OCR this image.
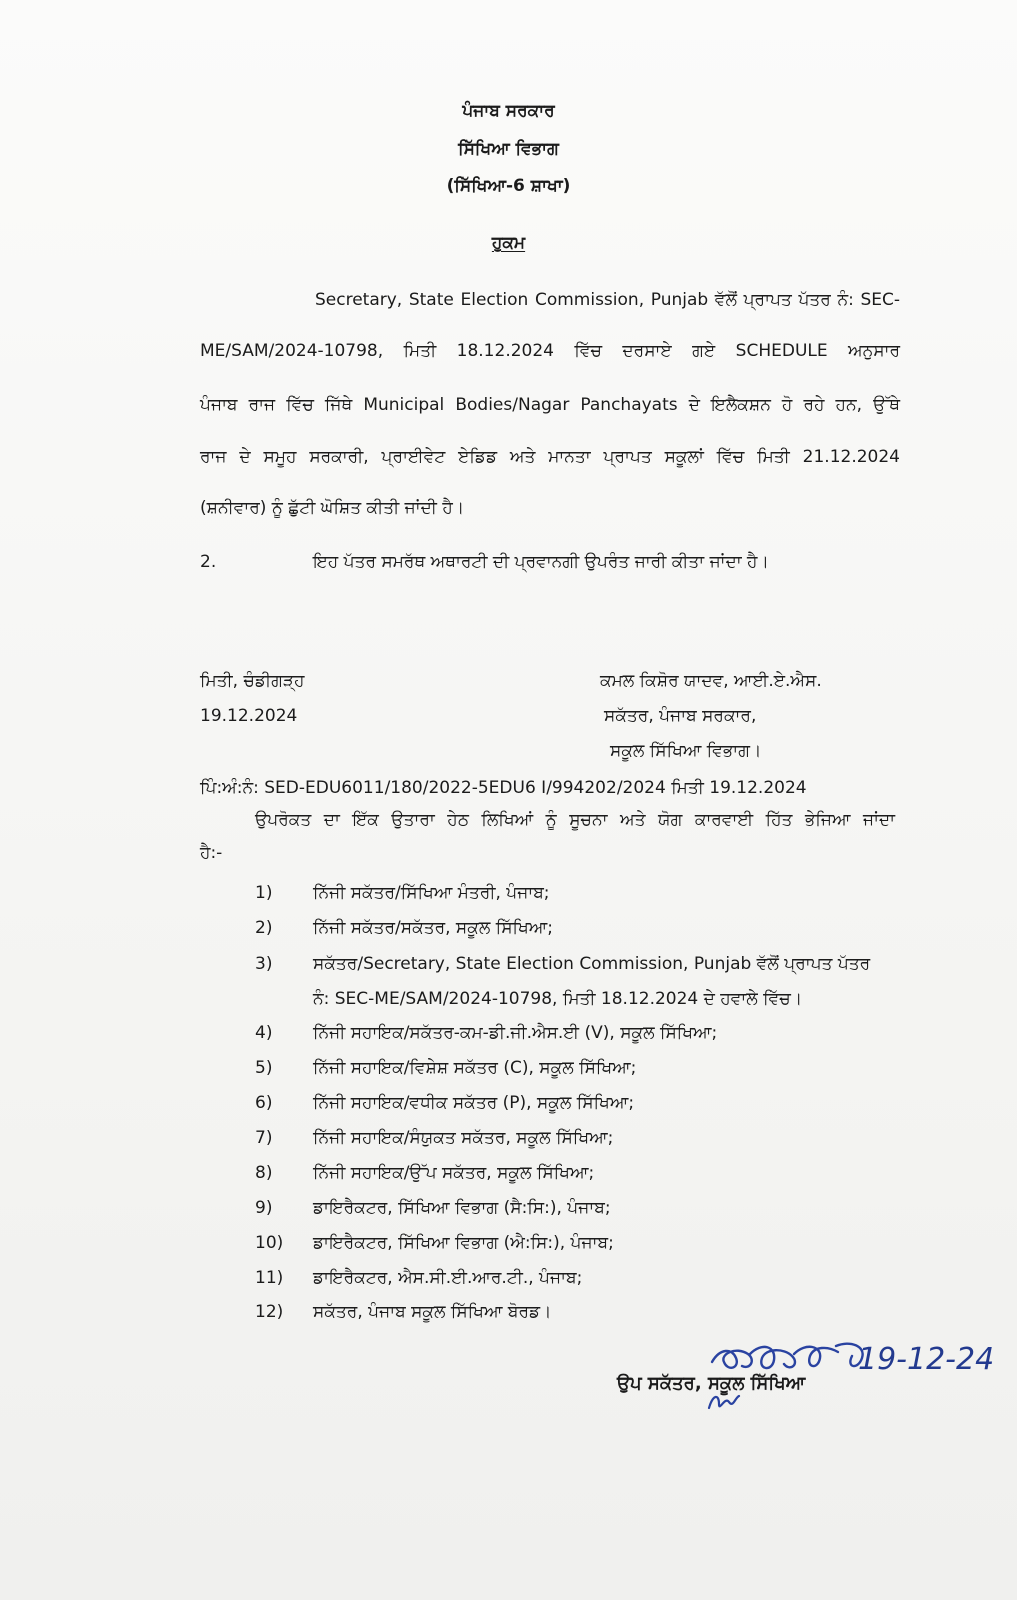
ਪੰਜਾਬ ਸਰਕਾਰ
ਸਿੱਖਿਆ ਵਿਭਾਗ
(ਸਿੱਖਿਆ-6 ਸ਼ਾਖਾ)
ਹੁਕਮ
Secretary, State Election Commission, Punjab ਵੱਲੋਂ ਪ੍ਰਾਪਤ ਪੱਤਰ ਨੰ: SEC-
ME/SAM/2024-10798, ਮਿਤੀ 18.12.2024 ਵਿੱਚ ਦਰਸਾਏ ਗਏ SCHEDULE ਅਨੁਸਾਰ
ਪੰਜਾਬ ਰਾਜ ਵਿੱਚ ਜਿੱਥੇ Municipal Bodies/Nagar Panchayats ਦੇ ਇਲੈਕਸ਼ਨ ਹੋ ਰਹੇ ਹਨ, ਉੱਥੇ
ਰਾਜ ਦੇ ਸਮੂਹ ਸਰਕਾਰੀ, ਪ੍ਰਾਈਵੇਟ ਏਡਿਡ ਅਤੇ ਮਾਨਤਾ ਪ੍ਰਾਪਤ ਸਕੂਲਾਂ ਵਿੱਚ ਮਿਤੀ 21.12.2024
(ਸ਼ਨੀਵਾਰ) ਨੂੰ ਛੁੱਟੀ ਘੋਸ਼ਿਤ ਕੀਤੀ ਜਾਂਦੀ ਹੈ।
2.	ਇਹ ਪੱਤਰ ਸਮਰੱਥ ਅਥਾਰਟੀ ਦੀ ਪ੍ਰਵਾਨਗੀ ਉਪਰੰਤ ਜਾਰੀ ਕੀਤਾ ਜਾਂਦਾ ਹੈ।
ਮਿਤੀ, ਚੰਡੀਗੜ੍ਹ
19.12.2024
ਕਮਲ ਕਿਸ਼ੋਰ ਯਾਦਵ, ਆਈ.ਏ.ਐਸ.
ਸਕੱਤਰ, ਪੰਜਾਬ ਸਰਕਾਰ,
ਸਕੂਲ ਸਿੱਖਿਆ ਵਿਭਾਗ।
ਪਿੰ:ਅੰ:ਨੰ: SED-EDU6011/180/2022-5EDU6 I/994202/2024 ਮਿਤੀ 19.12.2024
ਉਪਰੋਕਤ ਦਾ ਇੱਕ ਉਤਾਰਾ ਹੇਠ ਲਿਖਿਆਂ ਨੂੰ ਸੂਚਨਾ ਅਤੇ ਯੋਗ ਕਾਰਵਾਈ ਹਿੱਤ ਭੇਜਿਆ ਜਾਂਦਾ
ਹੈ:-
1)	ਨਿੱਜੀ ਸਕੱਤਰ/ਸਿੱਖਿਆ ਮੰਤਰੀ, ਪੰਜਾਬ;
2)	ਨਿੱਜੀ ਸਕੱਤਰ/ਸਕੱਤਰ, ਸਕੂਲ ਸਿੱਖਿਆ;
3)	ਸਕੱਤਰ/Secretary, State Election Commission, Punjab ਵੱਲੋਂ ਪ੍ਰਾਪਤ ਪੱਤਰ
ਨੰ: SEC-ME/SAM/2024-10798, ਮਿਤੀ 18.12.2024 ਦੇ ਹਵਾਲੇ ਵਿੱਚ।
4)	ਨਿੱਜੀ ਸਹਾਇਕ/ਸਕੱਤਰ-ਕਮ-ਡੀ.ਜੀ.ਐਸ.ਈ (V), ਸਕੂਲ ਸਿੱਖਿਆ;
5)	ਨਿੱਜੀ ਸਹਾਇਕ/ਵਿਸ਼ੇਸ਼ ਸਕੱਤਰ (C), ਸਕੂਲ ਸਿੱਖਿਆ;
6)	ਨਿੱਜੀ ਸਹਾਇਕ/ਵਧੀਕ ਸਕੱਤਰ (P), ਸਕੂਲ ਸਿੱਖਿਆ;
7)	ਨਿੱਜੀ ਸਹਾਇਕ/ਸੰਯੁਕਤ ਸਕੱਤਰ, ਸਕੂਲ ਸਿੱਖਿਆ;
8)	ਨਿੱਜੀ ਸਹਾਇਕ/ਉੱਪ ਸਕੱਤਰ, ਸਕੂਲ ਸਿੱਖਿਆ;
9)	ਡਾਇਰੈਕਟਰ, ਸਿੱਖਿਆ ਵਿਭਾਗ (ਸੈ:ਸਿ:), ਪੰਜਾਬ;
10)	ਡਾਇਰੈਕਟਰ, ਸਿੱਖਿਆ ਵਿਭਾਗ (ਐ:ਸਿ:), ਪੰਜਾਬ;
11)	ਡਾਇਰੈਕਟਰ, ਐਸ.ਸੀ.ਈ.ਆਰ.ਟੀ., ਪੰਜਾਬ;
12)	ਸਕੱਤਰ, ਪੰਜਾਬ ਸਕੂਲ ਸਿੱਖਿਆ ਬੋਰਡ।
19-12-24
ਉਪ ਸਕੱਤਰ, ਸਕੂਲ ਸਿੱਖਿਆ
